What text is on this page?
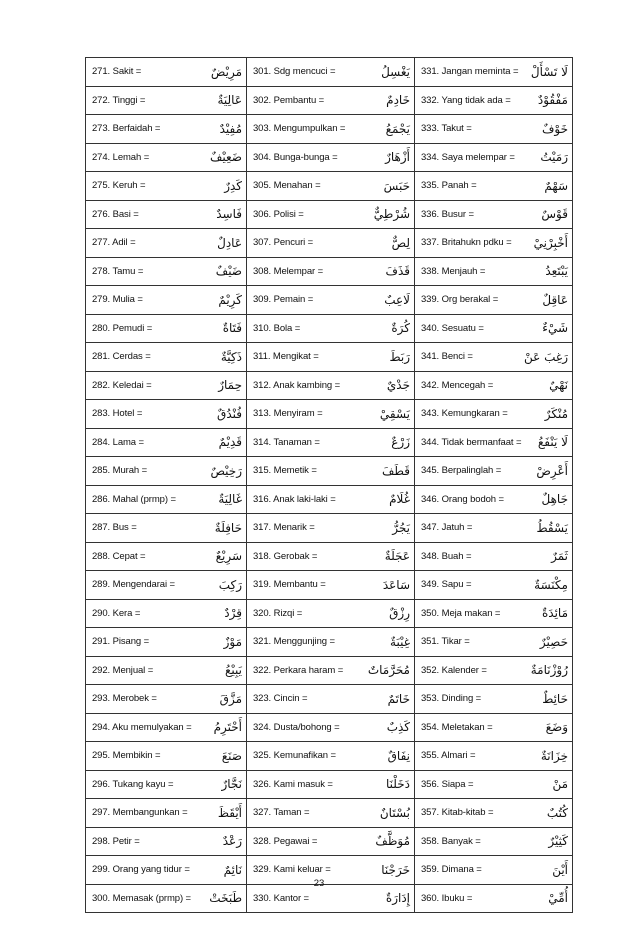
271. Sakit = مَرِيْضٌ	301. Sdg mencuci = يَغْسِلُ	331. Jangan meminta = لَا تَسْأَلْ

272. Tinggi = عَالِيَةٌ	302. Pembantu = خَادِمٌ	332. Yang tidak ada = مَفْقُوْدٌ

273. Berfaidah = مُفِيْدٌ	303. Mengumpulkan = يَجْمَعُ	333. Takut = خَوْفٌ

274. Lemah = ضَعِيْفٌ	304. Bunga-bunga = أَزْهَارٌ	334. Saya melempar = رَمَيْتُ

275. Keruh = كَدِرٌ	305. Menahan = حَبَسَ	335. Panah = سَهْمٌ

276. Basi = فَاسِدٌ	306. Polisi = شُرْطِيٌّ	336. Busur = قَوْسٌ

277. Adil = عَادِلٌ	307. Pencuri = لِصٌّ	337. Britahukn pdku = أَخْبِرْنِيْ

278. Tamu = ضَيْفٌ	308. Melempar = قَذَفَ	338. Menjauh = يَبْتَعِدُ

279. Mulia = كَرِيْمٌ	309. Pemain = لَاعِبٌ	339. Org berakal = عَاقِلٌ

280. Pemudi = فَتَاةٌ	310. Bola = كُرَةٌ	340. Sesuatu = شَيْءٌ

281. Cerdas = ذَكِيَّةٌ	311. Mengikat = رَبَطَ	341. Benci = رَغِبَ عَنْ

282. Keledai = حِمَارٌ	312. Anak kambing = جَدْيٌ	342. Mencegah = نَهْيٌ

283. Hotel = فُنْدُقٌ	313. Menyiram = يَسْقِيْ	343. Kemungkaran = مُنْكَرٌ

284. Lama = قَدِيْمٌ	314. Tanaman = زَرْعٌ	344. Tidak bermanfaat = لَا يَنْفَعُ

285. Murah = رَخِيْصٌ	315. Memetik = قَطَفَ	345. Berpalinglah = أَعْرِضْ

286. Mahal (prmp) = غَالِيَةٌ	316. Anak laki-laki = غُلَامٌ	346. Orang bodoh = جَاهِلٌ

287. Bus = حَافِلَةٌ	317. Menarik = يَجُرُّ	347. Jatuh = يَسْقُطُ

288. Cepat = سَرِيْعٌ	318. Gerobak = عَجَلَةٌ	348. Buah = ثَمَرٌ

289. Mengendarai = رَكِبَ	319. Membantu = سَاعَدَ	349. Sapu = مِكْنَسَةٌ

290. Kera = قِرْدٌ	320. Rizqi = رِزْقٌ	350. Meja makan = مَائِدَةٌ

291. Pisang = مَوْزٌ	321. Menggunjing = غِيْبَةٌ	351. Tikar = حَصِيْرٌ

292. Menjual = يَبِيْعُ	322. Perkara haram = مُحَرَّمَاتٌ	352. Kalender = رُوْزْنَامَةٌ

293. Merobek = مَزَّقَ	323. Cincin = خَاتَمٌ	353. Dinding = حَائِطٌ

294. Aku memulyakan = أَحْتَرِمُ	324. Dusta/bohong = كَذِبٌ	354. Meletakan = وَضَعَ

295. Membikin = صَنَعَ	325. Kemunafikan = نِفَاقٌ	355. Almari = خِزَانَةٌ

296. Tukang kayu = نَجَّارٌ	326. Kami masuk = دَخَلْنَا	356. Siapa = مَنْ

297. Membangunkan = أَيْقَظَ	327. Taman = بُسْتَانٌ	357. Kitab-kitab = كُتُبٌ

298. Petir = رَعْدٌ	328. Pegawai = مُوَظَّفٌ	358. Banyak = كَثِيْرٌ

299. Orang yang tidur = نَائِمٌ	329. Kami keluar = خَرَجْنَا	359. Dimana = أَيْنَ

300. Memasak (prmp) = طَبَخَتْ	330. Kantor = إِدَارَةٌ	360. Ibuku = أُمِّيْ
23
